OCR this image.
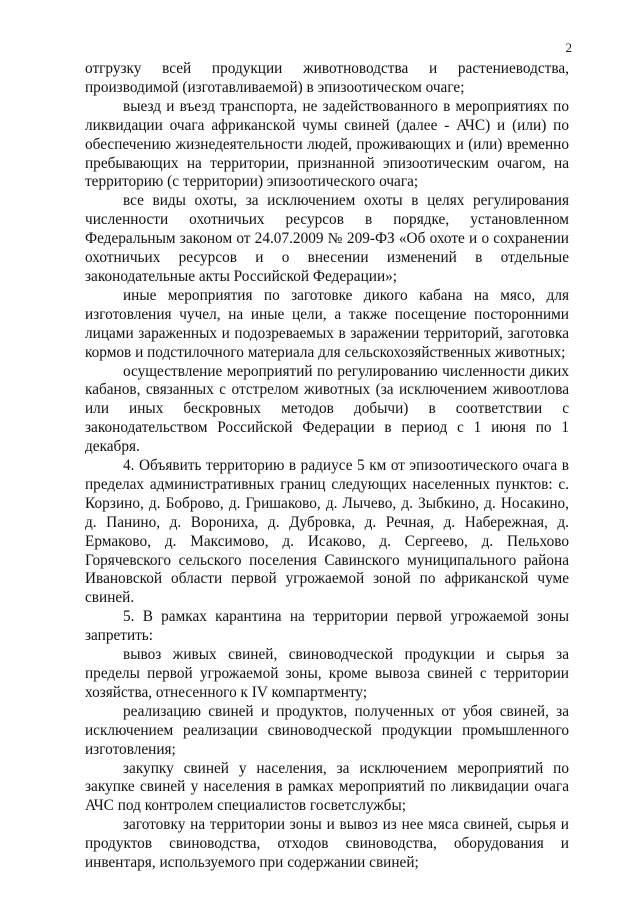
2

отгрузку всей продукции животноводства и растениеводства, производимой (изготавливаемой) в эпизоотическом очаге;

выезд и въезд транспорта, не задействованного в мероприятиях по ликвидации очага африканской чумы свиней (далее - АЧС) и (или) по обеспечению жизнедеятельности людей, проживающих и (или) временно пребывающих на территории, признанной эпизоотическим очагом, на территорию (с территории) эпизоотического очага;

все виды охоты, за исключением охоты в целях регулирования численности охотничьих ресурсов в порядке, установленном Федеральным законом от 24.07.2009 № 209-ФЗ «Об охоте и о сохранении охотничьих ресурсов и о внесении изменений в отдельные законодательные акты Российской Федерации»;

иные мероприятия по заготовке дикого кабана на мясо, для изготовления чучел, на иные цели, а также посещение посторонними лицами зараженных и подозреваемых в заражении территорий, заготовка кормов и подстилочного материала для сельскохозяйственных животных;

осуществление мероприятий по регулированию численности диких кабанов, связанных с отстрелом животных (за исключением живоотлова или иных бескровных методов добычи) в соответствии с законодательством Российской Федерации в период с 1 июня по 1 декабря.

4. Объявить территорию в радиусе 5 км от эпизоотического очага в пределах административных границ следующих населенных пунктов: с. Корзино, д. Боброво, д. Гришаково, д. Лычево, д. Зыбкино, д. Носакино, д. Панино, д. Ворониха, д. Дубровка, д. Речная, д. Набережная, д. Ермаково, д. Максимово, д. Исаково, д. Сергеево, д. Пельхово Горячевского сельского поселения Савинского муниципального района Ивановской области первой угрожаемой зоной по африканской чуме свиней.

5. В рамках карантина на территории первой угрожаемой зоны запретить:

вывоз живых свиней, свиноводческой продукции и сырья за пределы первой угрожаемой зоны, кроме вывоза свиней с территории хозяйства, отнесенного к IV компартменту;

реализацию свиней и продуктов, полученных от убоя свиней, за исключением реализации свиноводческой продукции промышленного изготовления;

закупку свиней у населения, за исключением мероприятий по закупке свиней у населения в рамках мероприятий по ликвидации очага АЧС под контролем специалистов госветслужбы;

заготовку на территории зоны и вывоз из нее мяса свиней, сырья и продуктов свиноводства, отходов свиноводства, оборудования и инвентаря, используемого при содержании свиней;
